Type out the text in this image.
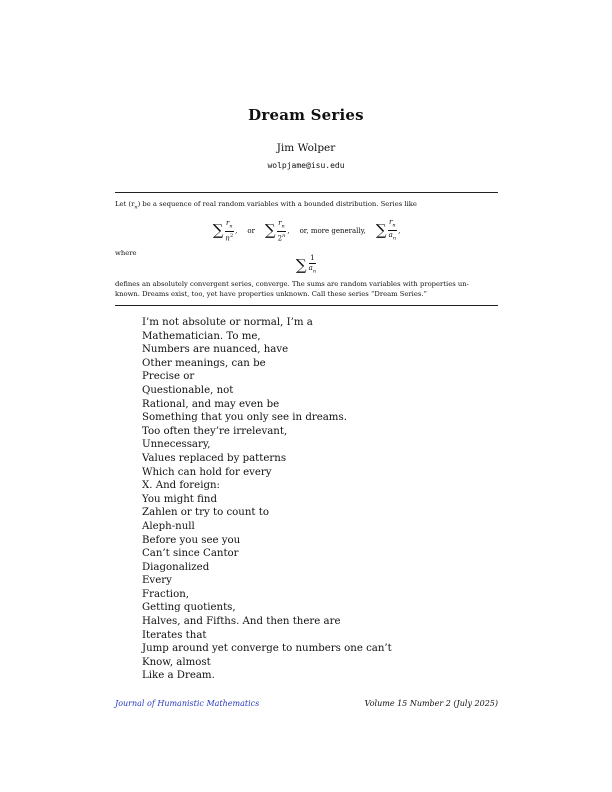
Dream Series
Jim Wolper
wolpjame@isu.edu
Let $(r_n)$ be a sequence of real random variables with a bounded distribution. Series like
∑ $\frac{r_n}{n^2}$ , or ∑ $\frac{r_n}{2^n}$ , or, more generally, ∑ $\frac{r_n}{a_n}$ ,
where
∑ $\frac{1}{a_n}$
defines an absolutely convergent series, converge. The sums are random variables with properties un-
known. Dreams exist, too, yet have properties unknown. Call these series “Dream Series.”
I’m not absolute or normal, I’m a
Mathematician. To me,
Numbers are nuanced, have
Other meanings, can be
Precise or
Questionable, not
Rational, and may even be
Something that you only see in dreams.
Too often they’re irrelevant,
Unnecessary,
Values replaced by patterns
Which can hold for every
X. And foreign:
You might find
Zahlen or try to count to
Aleph-null
Before you see you
Can’t since Cantor
Diagonalized
Every
Fraction,
Getting quotients,
Halves, and Fifths. And then there are
Iterates that
Jump around yet converge to numbers one can’t
Know, almost
Like a Dream.
Journal of Humanistic Mathematics	Volume 15 Number 2 (July 2025)
